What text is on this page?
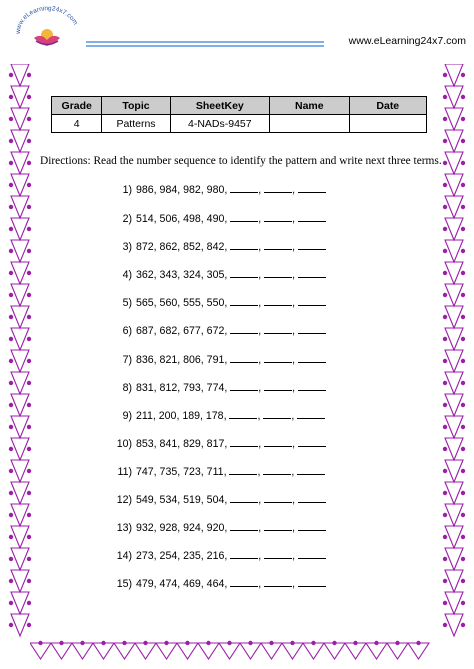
www.eLearning24x7.com
www.eLearning24x7.com
Grade	Topic	SheetKey	Name	Date
4	Patterns	4-NADs-9457		
Directions: Read the number sequence to identify the pattern and write next three terms.
1) 986, 984, 982, 980,	,	,
2) 514, 506, 498, 490,	,	,
3) 872, 862, 852, 842,	,	,
4) 362, 343, 324, 305,	,	,
5) 565, 560, 555, 550,	,	,
6) 687, 682, 677, 672,	,	,
7) 836, 821, 806, 791,	,	,
8) 831, 812, 793, 774,	,	,
9) 211, 200, 189, 178,	,	,
10) 853, 841, 829, 817,	,	,
11) 747, 735, 723, 711,	,	,
12) 549, 534, 519, 504,	,	,
13) 932, 928, 924, 920,	,	,
14) 273, 254, 235, 216,	,	,
15) 479, 474, 469, 464,	,	,
